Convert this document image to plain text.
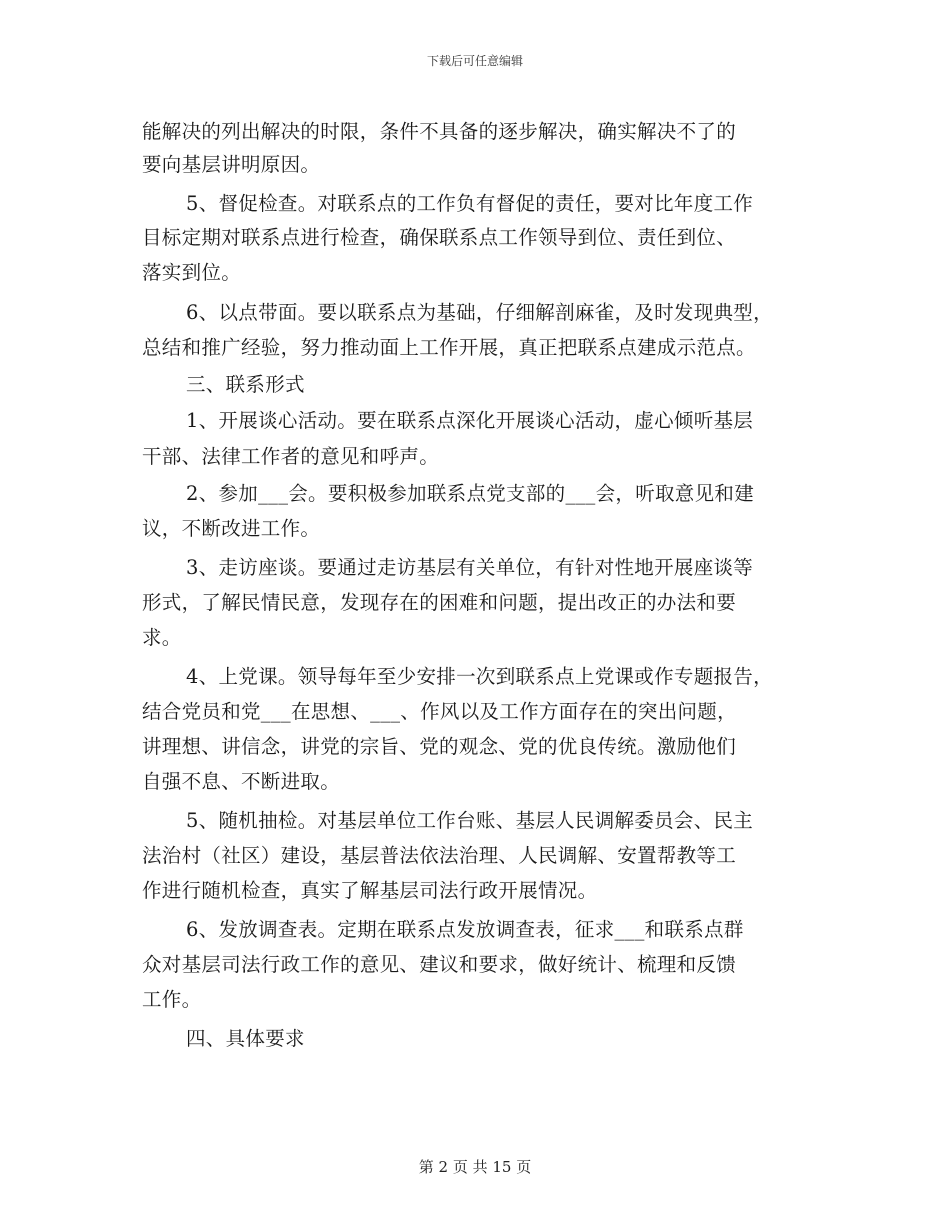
下载后可任意编辑
能解决的列出解决的时限，条件不具备的逐步解决，确实解决不了的
要向基层讲明原因。
5、督促检查。对联系点的工作负有督促的责任，要对比年度工作
目标定期对联系点进行检查，确保联系点工作领导到位、责任到位、
落实到位。
6、以点带面。要以联系点为基础，仔细解剖麻雀，及时发现典型，
总结和推广经验，努力推动面上工作开展，真正把联系点建成示范点。
三、联系形式
1、开展谈心活动。要在联系点深化开展谈心活动，虚心倾听基层
干部、法律工作者的意见和呼声。
2、参加___会。要积极参加联系点党支部的___会，听取意见和建
议，不断改进工作。
3、走访座谈。要通过走访基层有关单位，有针对性地开展座谈等
形式，了解民情民意，发现存在的困难和问题，提出改正的办法和要
求。
4、上党课。领导每年至少安排一次到联系点上党课或作专题报告，
结合党员和党___在思想、___、作风以及工作方面存在的突出问题，
讲理想、讲信念，讲党的宗旨、党的观念、党的优良传统。激励他们
自强不息、不断进取。
5、随机抽检。对基层单位工作台账、基层人民调解委员会、民主
法治村（社区）建设，基层普法依法治理、人民调解、安置帮教等工
作进行随机检查，真实了解基层司法行政开展情况。
6、发放调查表。定期在联系点发放调查表，征求___和联系点群
众对基层司法行政工作的意见、建议和要求，做好统计、梳理和反馈
工作。
四、具体要求
第 2 页 共 15 页
